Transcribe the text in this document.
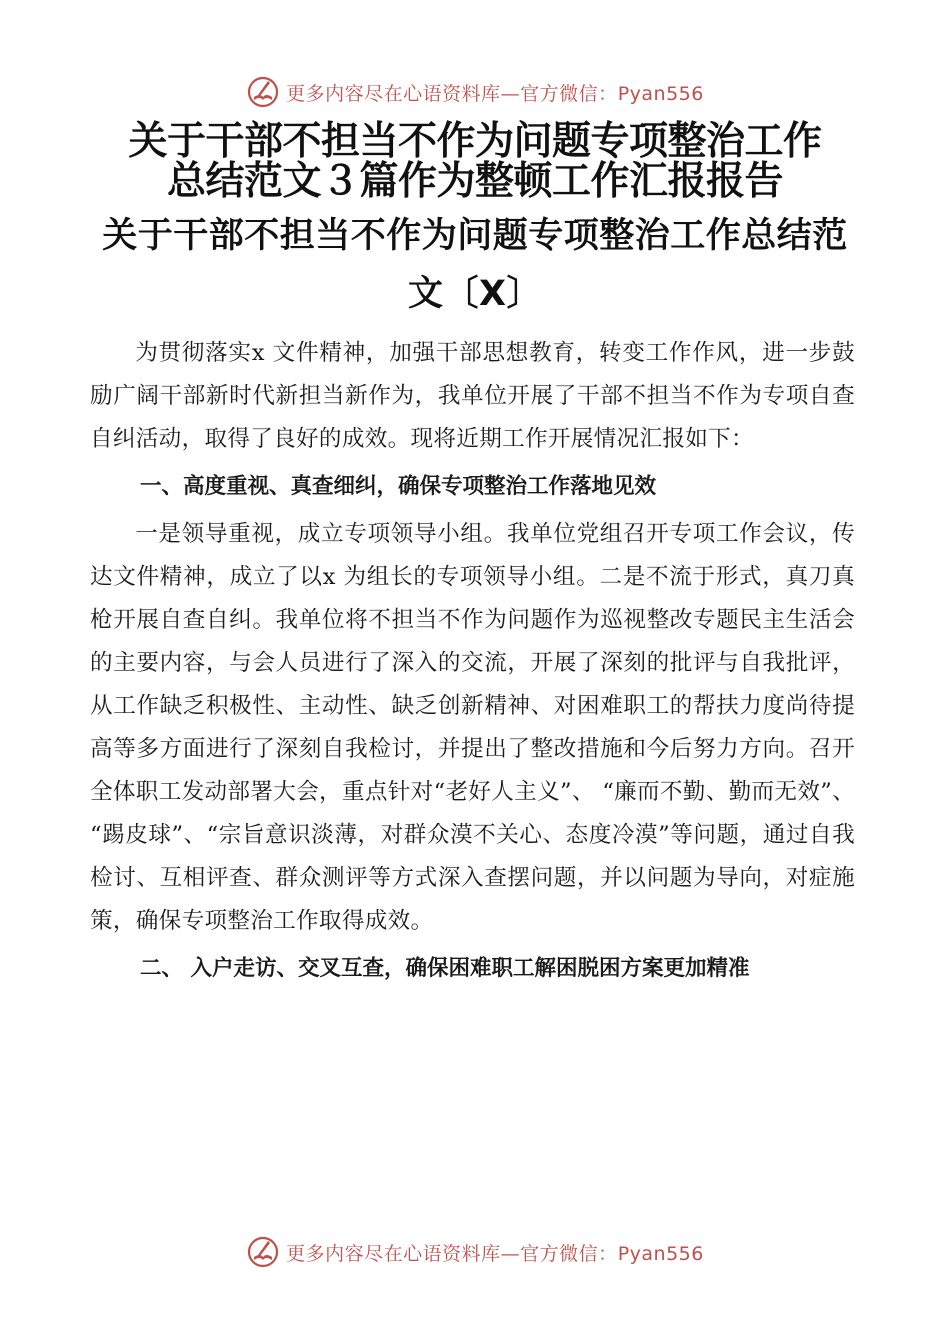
更多内容尽在心语资料库—官方微信：Pyan556
关于干部不担当不作为问题专项整治工作
总结范文３篇作为整顿工作汇报报告
关于干部不担当不作为问题专项整治工作总结范
文〔X〕

为贯彻落实x 文件精神，加强干部思想教育，转变工作作风，进一步鼓励广阔干部新时代新担当新作为，我单位开展了干部不担当不作为专项自查自纠活动，取得了良好的成效。现将近期工作开展情况汇报如下：

一、高度重视、真查细纠，确保专项整治工作落地见效

一是领导重视，成立专项领导小组。我单位党组召开专项工作会议，传达文件精神，成立了以x 为组长的专项领导小组。二是不流于形式，真刀真枪开展自查自纠。我单位将不担当不作为问题作为巡视整改专题民主生活会的主要内容，与会人员进行了深入的交流，开展了深刻的批评与自我批评，从工作缺乏积极性、主动性、缺乏创新精神、对困难职工的帮扶力度尚待提高等多方面进行了深刻自我检讨，并提出了整改措施和今后努力方向。召开全体职工发动部署大会，重点针对“老好人主义”、 “廉而不勤、勤而无效”、 “踢皮球”、“宗旨意识淡薄，对群众漠不关心、态度冷漠”等问题，通过自我检讨、互相评查、群众测评等方式深入查摆问题，并以问题为导向，对症施策，确保专项整治工作取得成效。

二、 入户走访、交叉互查，确保困难职工解困脱困方案更加精准

更多内容尽在心语资料库—官方微信：Pyan556
